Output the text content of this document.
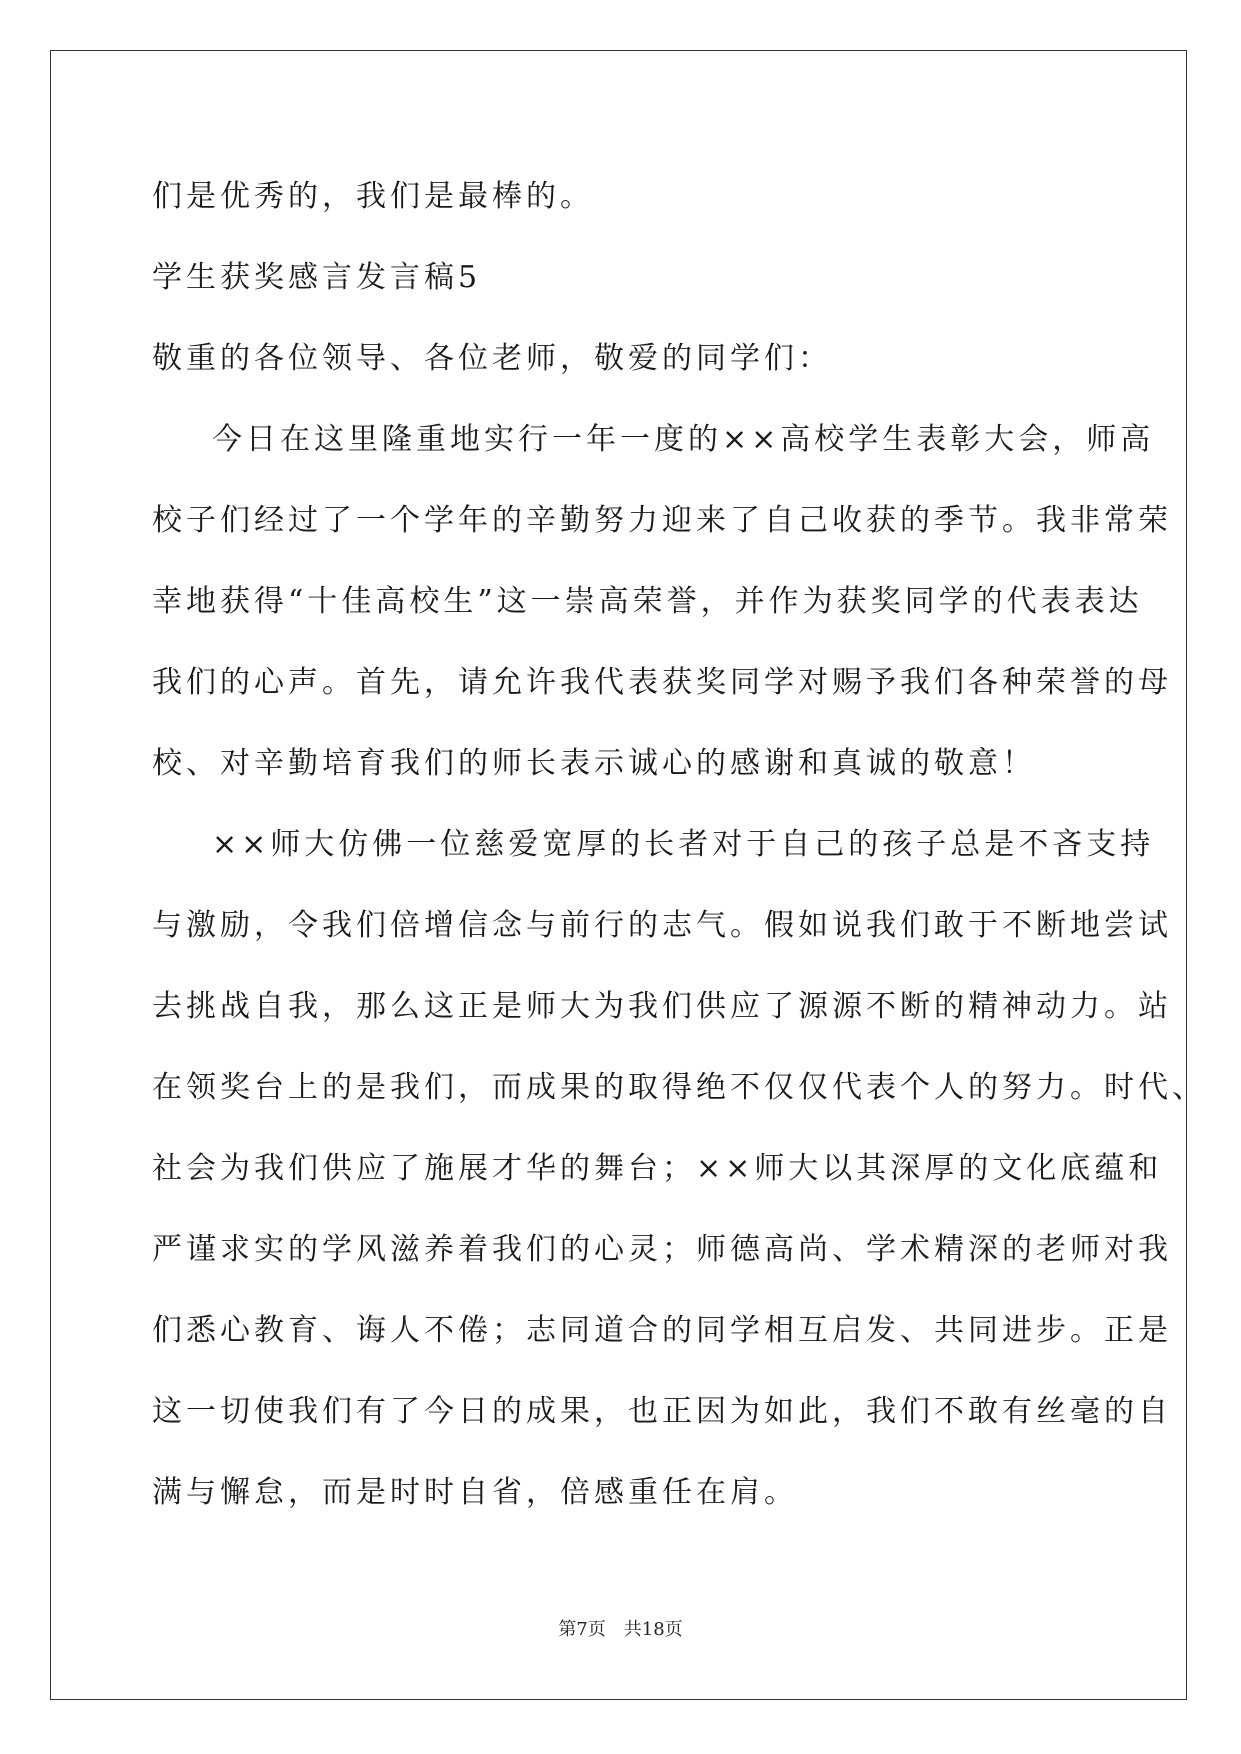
们是优秀的，我们是最棒的。
学生获奖感言发言稿5
敬重的各位领导、各位老师，敬爱的同学们：
今日在这里隆重地实行一年一度的××高校学生表彰大会，师高
校子们经过了一个学年的辛勤努力迎来了自己收获的季节。我非常荣
幸地获得“十佳高校生”这一崇高荣誉，并作为获奖同学的代表表达
我们的心声。首先，请允许我代表获奖同学对赐予我们各种荣誉的母
校、对辛勤培育我们的师长表示诚心的感谢和真诚的敬意！
××师大仿佛一位慈爱宽厚的长者对于自己的孩子总是不吝支持
与激励，令我们倍增信念与前行的志气。假如说我们敢于不断地尝试
去挑战自我，那么这正是师大为我们供应了源源不断的精神动力。站
在领奖台上的是我们，而成果的取得绝不仅仅代表个人的努力。时代、
社会为我们供应了施展才华的舞台；××师大以其深厚的文化底蕴和
严谨求实的学风滋养着我们的心灵；师德高尚、学术精深的老师对我
们悉心教育、诲人不倦；志同道合的同学相互启发、共同进步。正是
这一切使我们有了今日的成果，也正因为如此，我们不敢有丝毫的自
满与懈怠，而是时时自省，倍感重任在肩。
第7页 共18页
